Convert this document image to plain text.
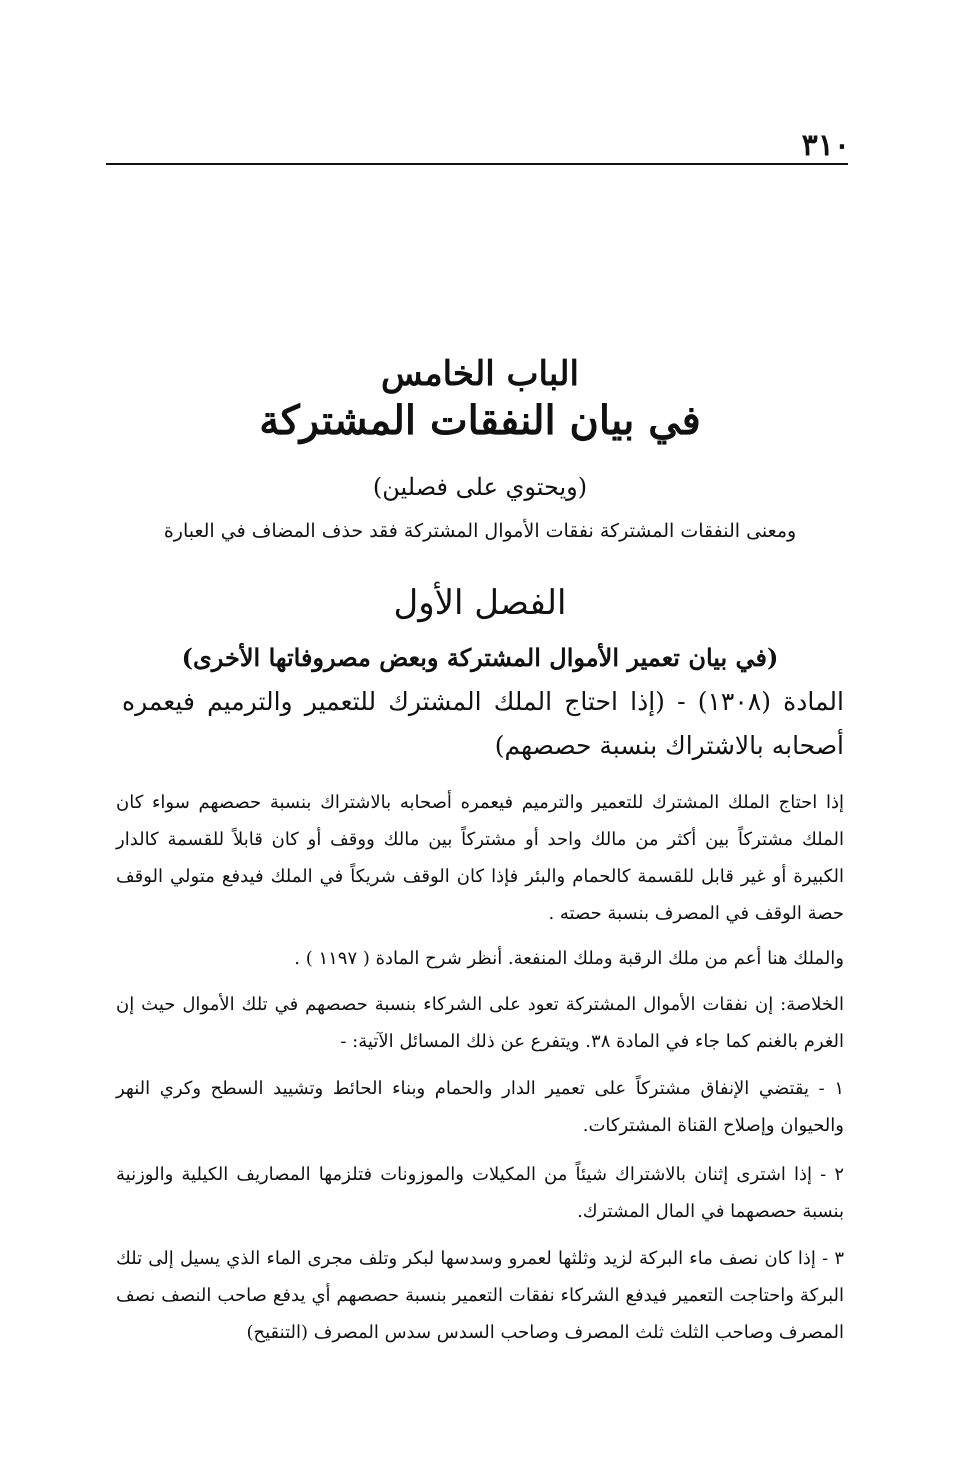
٣١٠
الباب الخامس
في بيان النفقات المشتركة
(ويحتوي على فصلين)
ومعنى النفقات المشتركة نفقات الأموال المشتركة فقد حذف المضاف في العبارة
الفصل الأول
(في بيان تعمير الأموال المشتركة وبعض مصروفاتها الأخرى)
المادة (١٣٠٨) - (إذا احتاج الملك المشترك للتعمير والترميم فيعمره أصحابه بالاشتراك بنسبة حصصهم)
إذا احتاج الملك المشترك للتعمير والترميم فيعمره أصحابه بالاشتراك بنسبة حصصهم سواء كان الملك مشتركاً بين أكثر من مالك واحد أو مشتركاً بين مالك ووقف أو كان قابلاً للقسمة كالدار الكبيرة أو غير قابل للقسمة كالحمام والبئر فإذا كان الوقف شريكاً في الملك فيدفع متولي الوقف حصة الوقف في المصرف بنسبة حصته .
والملك هنا أعم من ملك الرقبة وملك المنفعة. أنظر شرح المادة ( ١١٩٧ ) .
الخلاصة: إن نفقات الأموال المشتركة تعود على الشركاء بنسبة حصصهم في تلك الأموال حيث إن الغرم بالغنم كما جاء في المادة ٣٨. ويتفرع عن ذلك المسائل الآتية: -
١ - يقتضي الإنفاق مشتركاً على تعمير الدار والحمام وبناء الحائط وتشييد السطح وكري النهر والحيوان وإصلاح القناة المشتركات.
٢ - إذا اشترى إثنان بالاشتراك شيئاً من المكيلات والموزونات فتلزمها المصاريف الكيلية والوزنية بنسبة حصصهما في المال المشترك.
٣ - إذا كان نصف ماء البركة لزيد وثلثها لعمرو وسدسها لبكر وتلف مجرى الماء الذي يسيل إلى تلك البركة واحتاجت التعمير فيدفع الشركاء نفقات التعمير بنسبة حصصهم أي يدفع صاحب النصف نصف المصرف وصاحب الثلث ثلث المصرف وصاحب السدس سدس المصرف (التنقيح)
